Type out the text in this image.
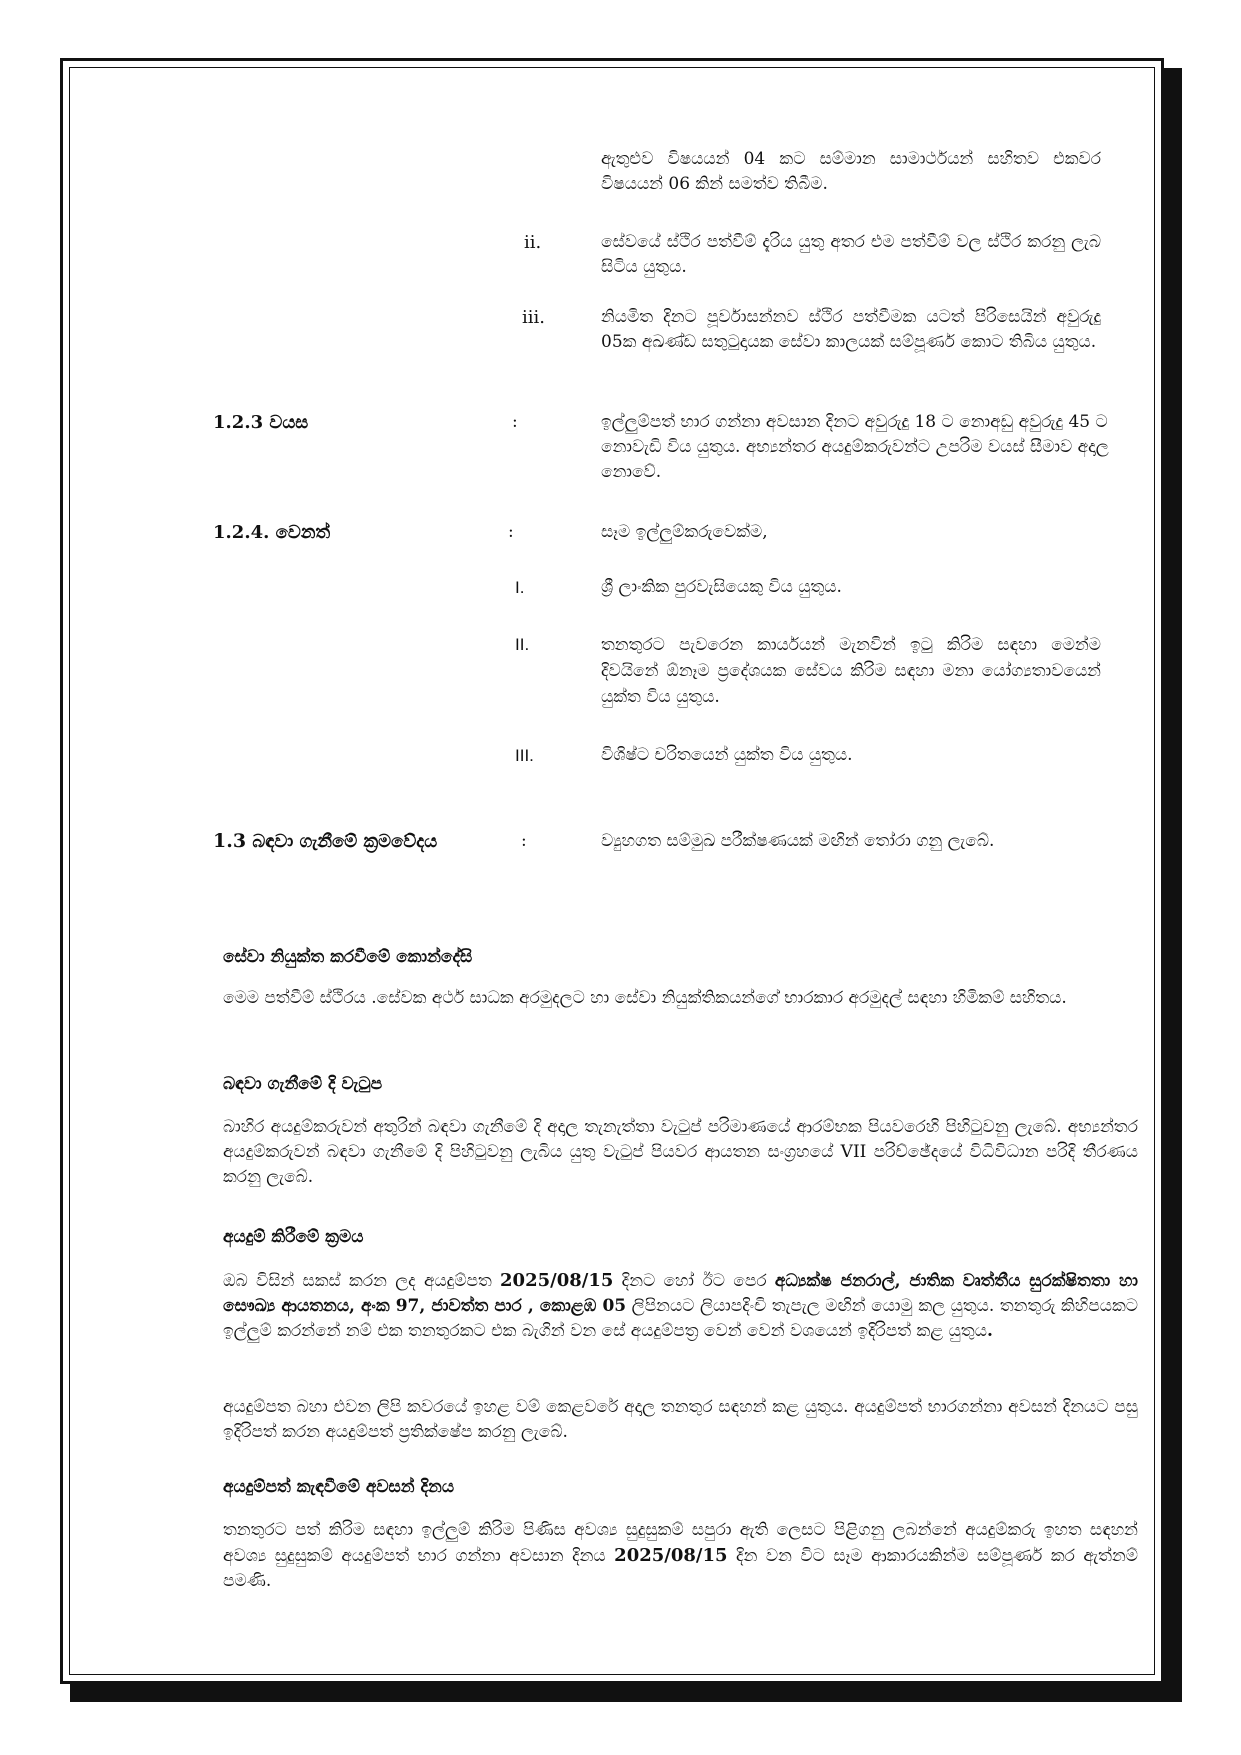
ඇතුළුව විෂයයන් 04 කට සම්මාන සාමාර්ථයන් සහිතව එකවර විෂයයන් 06 කින් සමත්ව තිබීම.
ii.	සේවයේ ස්ථිර පත්වීම් දැරිය යුතු අතර එම පත්වීම් වල ස්ථිර කරනු ලැබ සිටිය යුතුය.
iii.	නියමිත දිනට පූර්වාසන්නව ස්ථිර පත්වීමක යටත් පිරිසෙයින් අවුරුදු 05ක අඛණ්ඩ සතුටුදායක සේවා කාලයක් සම්පූර්ණ කොට තිබිය යුතුය.
1.2.3 වයස	:	ඉල්ලුම්පත් භාර ගන්නා අවසාන දිනට අවුරුදු 18 ට නොඅඩු අවුරුදු 45 ට නොවැඩි විය යුතුය. අභ්‍යන්තර අයදුම්කරුවන්ට උපරිම වයස් සීමාව අදාල නොවේ.
1.2.4. වෙනත්	:	සෑම ඉල්ලුම්කරුවෙක්ම,
I.	ශ්‍රී ලාංකික පුරවැසියෙකු විය යුතුය.
II.	තනතුරට පැවරෙන කාර්යයන් මැනවින් ඉටු කිරිම සඳහා මෙන්ම දිවයිනේ ඕනෑම ප්‍රදේශයක සේවය කිරිම සඳහා මනා යෝග්‍යතාවයෙන් යුක්ත විය යුතුය.
III.	විශිෂ්ට චරිතයෙන් යුක්ත විය යුතුය.
1.3 බඳවා ගැනීමේ ක්‍රමවේදය	:	ව්‍යුහගත සම්මුඛ පරීක්ෂණයක් මඟින් තෝරා ගනු ලැබේ.
සේවා නියුක්ත කරවීමේ කොන්දේසි
මෙම පත්වීම් ස්ථිරය .සේවක අර්ථ සාධක අරමුදලට හා සේවා නියුක්තිකයන්ගේ භාරකාර අරමුදල් සඳහා හිමිකම් සහිතය.
බඳවා ගැනීමේ දි වැටුප
බාහිර අයදුම්කරුවන් අතුරින් බඳවා ගැනීමේ දි අදාල තැනැත්තා වැටුප් පරිමාණයේ ආරම්භක පියවරෙහි පිහිටුවනු ලැබේ. අභ්‍යන්තර අයදුම්කරුවන් බඳවා ගැනීමේ දි පිහිටුවනු ලැබිය යුතු වැටුප් පියවර ආයතන සංග්‍රහයේ VII පරිච්ඡේදයේ විධිවිධාන පරිදි තීරණය කරනු ලැබේ.
අයදුම් කිරීමේ ක්‍රමය
ඔබ විසින් සකස් කරන ලද අයදුම්පත 2025/08/15 දිනට හෝ ඊට පෙර අධ්‍යක්ෂ ජනරාල්, ජාතික වෘත්තීය සුරක්ෂිතතා හා සෞඛ්‍ය ආයතනය, අංක 97, ජාවත්ත පාර , කොළඹ 05 ලිපිනයට ලියාපදිංචි තැපැල මඟින් යොමු කල යුතුය. තනතුරු කිහිපයකට ඉල්ලුම් කරන්නේ නම් එක තනතුරකට එක බැගින් වන සේ අයදුම්පත්‍ර වෙන් වෙන් වශයෙන් ඉදිරිපත් කළ යුතුය.
අයදුම්පත බහා එවන ලිපි කවරයේ ඉහළ වම් කෙළවරේ අදාල තනතුර සඳහන් කළ යුතුය. අයදුම්පත් භාරගන්නා අවසන් දිනයට පසු ඉදිරිපත් කරන අයදුම්පත් ප්‍රතික්ෂේප කරනු ලැබේ.
අයදුම්පත් කැඳවීමේ අවසන් දිනය
තනතුරට පත් කිරිම සඳහා ඉල්ලුම් කිරිම පිණිස අවශ්‍ය සුදුසුකම් සපුරා ඇති ලෙසට පිළිගනු ලබන්නේ අයදුම්කරු ඉහත සඳහන් අවශ්‍ය සුදුසුකම් අයදුම්පත් භාර ගන්නා අවසාන දිනය 2025/08/15 දින වන විට සෑම ආකාරයකින්ම සම්පූර්ණ කර ඇත්නම් පමණි.
